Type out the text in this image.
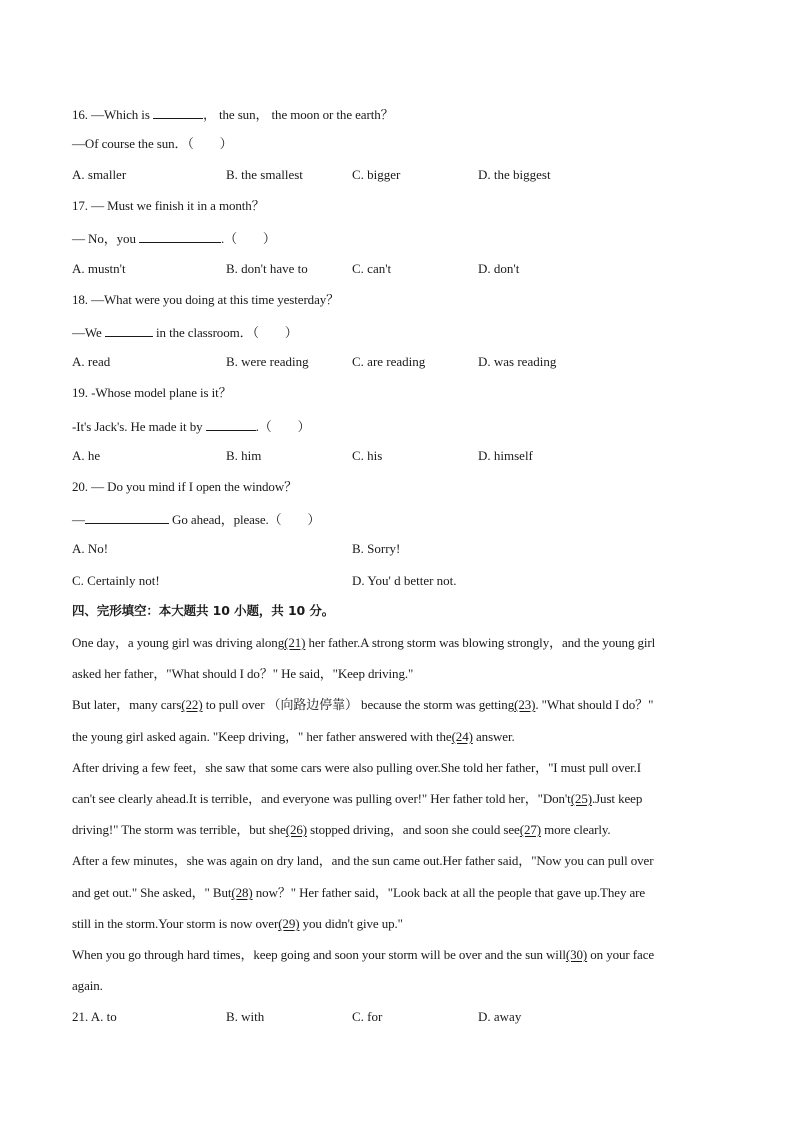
16. —Which is	， the sun， the moon or the earth？
—Of course the sun．（　　）
A. smaller	B. the smallest	C. bigger	D. the biggest
17. — Must we finish it in a month？
— No，you	.（　　）
A. mustn't	B. don't have to	C. can't	D. don't
18. —What were you doing at this time yesterday？
—We	in the classroom．（　　）
A. read	B. were reading	C. are reading	D. was reading
19. -Whose model plane is it？
-It's Jack's. He made it by	.（　　）
A. he	B. him	C. his	D. himself
20. — Do you mind if I open the window？
—	Go ahead，please.（　　）
A. No!	B. Sorry!
C. Certainly not!	D. You' d better not.
四、完形填空：本大题共 10 小题，共 10 分。
One day，a young girl was driving along(21) her father.A strong storm was blowing strongly，and the young girl
asked her father，"What should I do？" He said，"Keep driving."
But later，many cars(22) to pull over （向路边停靠） because the storm was getting(23). "What should I do？"
the young girl asked again. "Keep driving，" her father answered with the(24) answer.
After driving a few feet，she saw that some cars were also pulling over.She told her father，"I must pull over.I
can't see clearly ahead.It is terrible，and everyone was pulling over!" Her father told her，"Don't(25).Just keep
driving!" The storm was terrible，but she(26) stopped driving，and soon she could see(27) more clearly.
After a few minutes，she was again on dry land，and the sun came out.Her father said，"Now you can pull over
and get out." She asked，" But(28) now？" Her father said，"Look back at all the people that gave up.They are
still in the storm.Your storm is now over(29) you didn't give up."
When you go through hard times，keep going and soon your storm will be over and the sun will(30) on your face
again.
21. A. to	B. with	C. for	D. away
